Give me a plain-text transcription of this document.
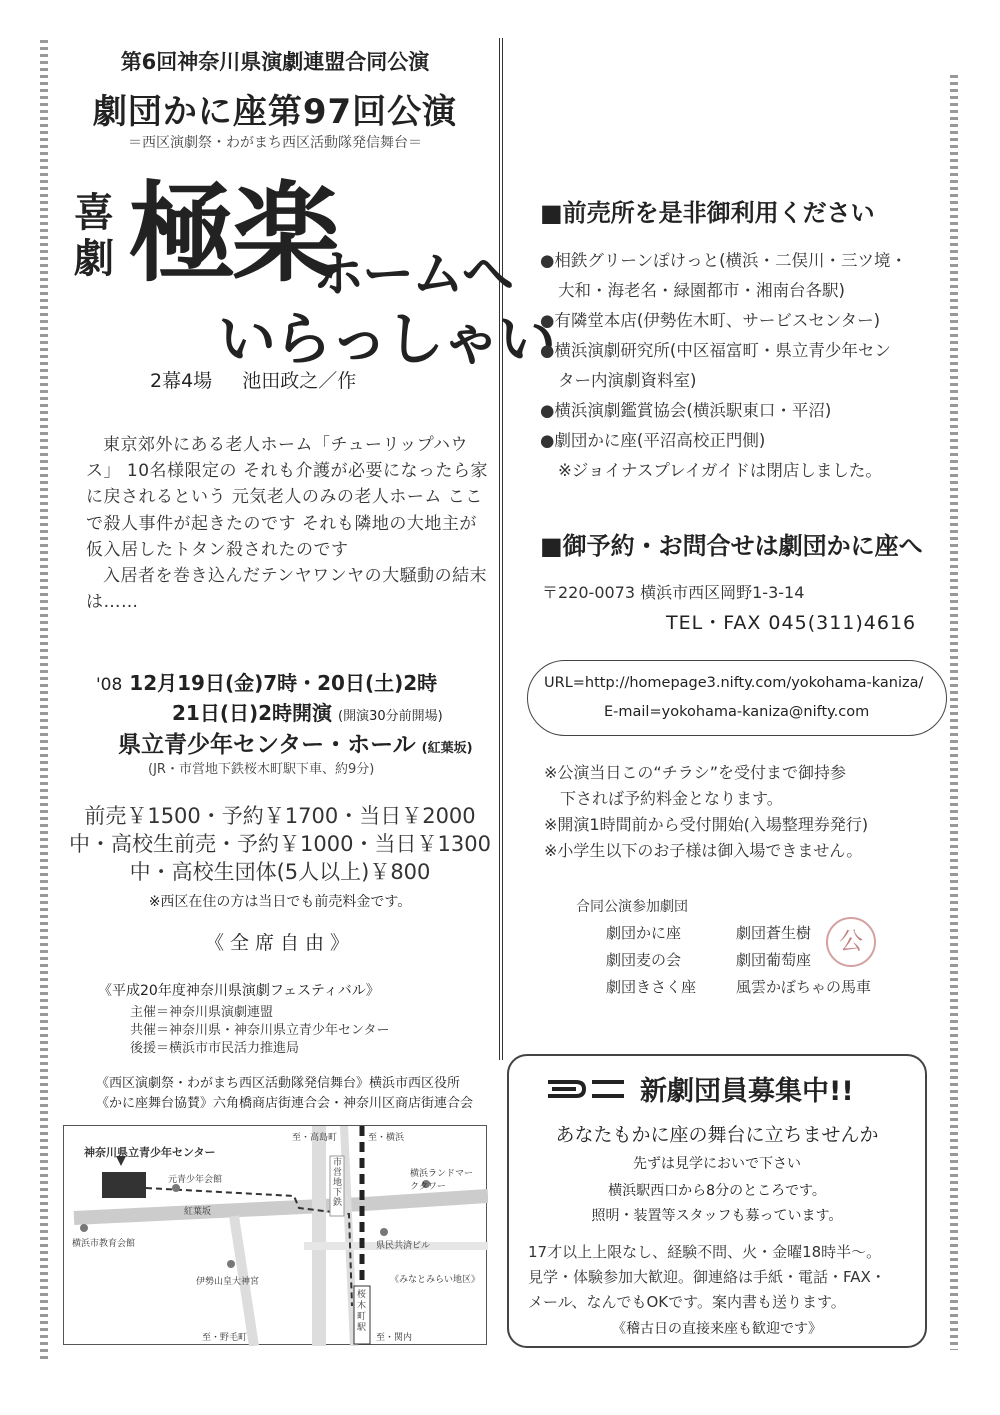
第6回神奈川県演劇連盟合同公演
劇団かに座第97回公演
＝西区演劇祭・わがまち西区活動隊発信舞台＝
喜
劇 極楽
ホームへ
いらっしゃい
2幕4場 池田政之／作

東京郊外にある老人ホーム「チューリップハウス」 10名様限定の それも介護が必要になったら家に戻されるという 元気老人のみの老人ホーム ここで殺人事件が起きたのです それも隣地の大地主が仮入居したトタン殺されたのです

入居者を巻き込んだテンヤワンヤの大騒動の結末は……

'08 12月19日(金)7時・20日(土)2時
21日(日)2時開演 (開演30分前開場)
県立青少年センター・ホール (紅葉坂)
(JR・市営地下鉄桜木町駅下車、約9分)
前売￥1500・予約￥1700・当日￥2000
中・高校生前売・予約￥1000・当日￥1300
中・高校生団体(5人以上)￥800
※西区在住の方は当日でも前売料金です。
《全席自由》
《平成20年度神奈川県演劇フェスティバル》
主催＝神奈川県演劇連盟
共催＝神奈川県・神奈川県立青少年センター
後援＝横浜市市民活力推進局
《西区演劇祭・わがまち西区活動隊発信舞台》横浜市西区役所
《かに座舞台協賛》六角橋商店街連合会・神奈川区商店街連合会
神奈川県立青少年センター
元青少年会館
紅葉坂
横浜市教育会館
伊勢山皇大神宮
至・高島町	至・横浜
市営地下鉄
横浜ランドマークタワー
県民共済ビル
《みなとみらい地区》
桜木町駅
至・野毛町	至・関内
■前売所を是非御利用ください
●相鉄グリーンぽけっと(横浜・二俣川・三ツ境・
大和・海老名・緑園都市・湘南台各駅)
●有隣堂本店(伊勢佐木町、サービスセンター)
●横浜演劇研究所(中区福富町・県立青少年セン
ター内演劇資料室)
●横浜演劇鑑賞協会(横浜駅東口・平沼)
●劇団かに座(平沼高校正門側)
※ジョイナスプレイガイドは閉店しました。
■御予約・お問合せは劇団かに座へ
〒220-0073 横浜市西区岡野1-3-14
TEL・FAX 045(311)4616
URL=http://homepage3.nifty.com/yokohama-kaniza/
E-mail=yokohama-kaniza@nifty.com
※公演当日この“チラシ”を受付まで御持参
下されば予約料金となります。
※開演1時間前から受付開始(入場整理券発行)
※小学生以下のお子様は御入場できません。
合同公演参加劇団
劇団かに座	劇団蒼生樹
劇団麦の会	劇団葡萄座
劇団きさく座	風雲かぼちゃの馬車
公
新劇団員募集中!!
あなたもかに座の舞台に立ちませんか
先ずは見学においで下さい
横浜駅西口から8分のところです。
照明・装置等スタッフも募っています。
17才以上上限なし、経験不問、火・金曜18時半～。
見学・体験参加大歓迎。御連絡は手紙・電話・FAX・
メール、なんでもOKです。案内書も送ります。
《稽古日の直接来座も歓迎です》
